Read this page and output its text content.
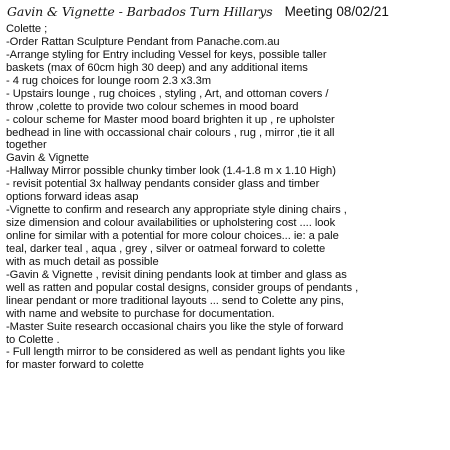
Gavin & Vignette - Barbados Turn Hillarys Meeting 08/02/21
Colette ;
-Order Rattan Sculpture Pendant from Panache.com.au
-Arrange styling for Entry including Vessel for keys, possible taller
baskets (max of 60cm high 30 deep) and any additional items
- 4 rug choices for lounge room 2.3 x3.3m
- Upstairs lounge , rug choices , styling , Art, and ottoman covers /
throw ,colette to provide two colour schemes in mood board
- colour scheme for Master mood board brighten it up , re upholster
bedhead in line with occassional chair colours , rug , mirror ,tie it all
together
Gavin & Vignette
-Hallway Mirror possible chunky timber look (1.4-1.8 m x 1.10 High)
- revisit potential 3x hallway pendants consider glass and timber
options forward ideas asap
-Vignette to confirm and research any appropriate style dining chairs ,
size dimension and colour availabilities or upholstering cost .... look
online for similar with a potential for more colour choices... ie: a pale
teal, darker teal , aqua , grey , silver or oatmeal forward to colette
with as much detail as possible
-Gavin & Vignette , revisit dining pendants look at timber and glass as
well as ratten and popular costal designs, consider groups of pendants ,
linear pendant or more traditional layouts ... send to Colette any pins,
with name and website to purchase for documentation.
-Master Suite research occasional chairs you like the style of forward
to Colette .
- Full length mirror to be considered as well as pendant lights you like
for master forward to colette
